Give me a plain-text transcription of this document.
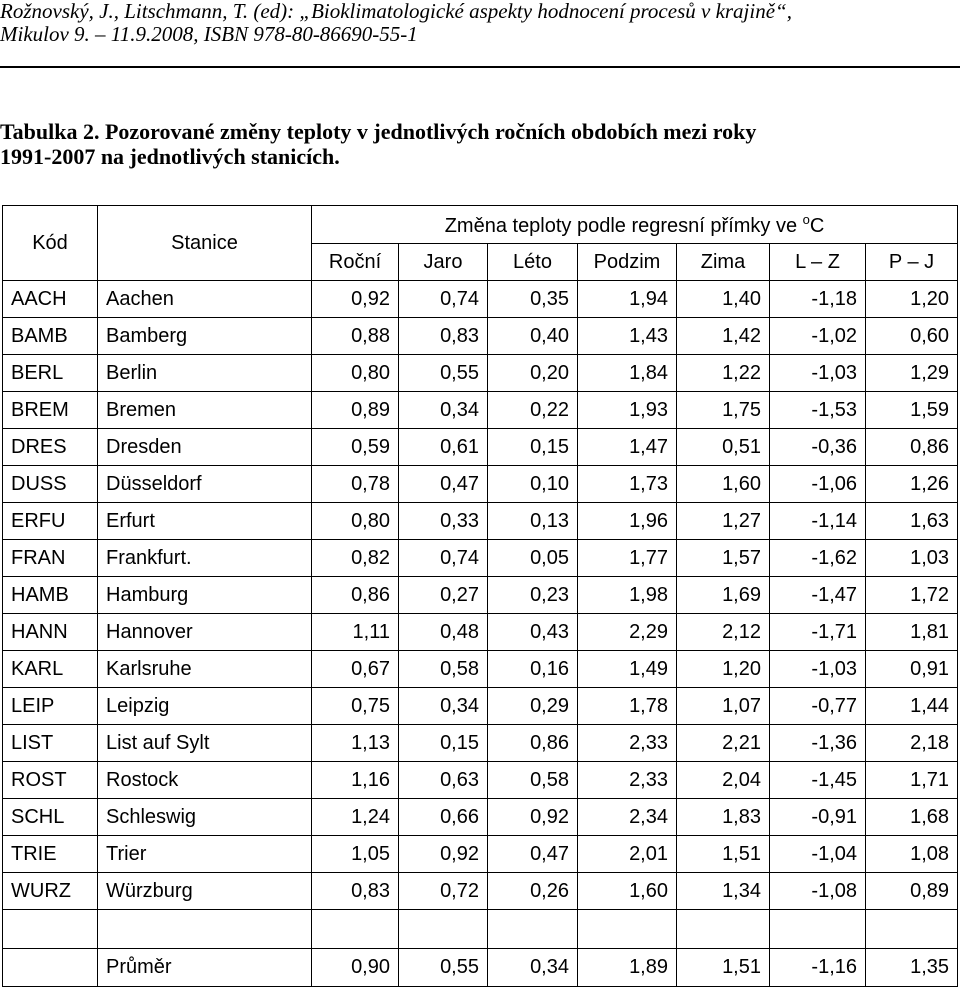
Rožnovský, J., Litschmann, T. (ed): „Bioklimatologické aspekty hodnocení procesů v krajině“,
Mikulov 9. – 11.9.2008, ISBN 978-80-86690-55-1
Tabulka 2. Pozorované změny teploty v jednotlivých ročních obdobích mezi roky
1991-2007 na jednotlivých stanicích.
Kód	Stanice	Změna teploty podle regresní přímky ve $^o$C						
		Roční	Jaro	Léto	Podzim	Zima	L – Z	P – J
AACH	Aachen	0,92	0,74	0,35	1,94	1,40	-1,18	1,20
BAMB	Bamberg	0,88	0,83	0,40	1,43	1,42	-1,02	0,60
BERL	Berlin	0,80	0,55	0,20	1,84	1,22	-1,03	1,29
BREM	Bremen	0,89	0,34	0,22	1,93	1,75	-1,53	1,59
DRES	Dresden	0,59	0,61	0,15	1,47	0,51	-0,36	0,86
DUSS	Düsseldorf	0,78	0,47	0,10	1,73	1,60	-1,06	1,26
ERFU	Erfurt	0,80	0,33	0,13	1,96	1,27	-1,14	1,63
FRAN	Frankfurt.	0,82	0,74	0,05	1,77	1,57	-1,62	1,03
HAMB	Hamburg	0,86	0,27	0,23	1,98	1,69	-1,47	1,72
HANN	Hannover	1,11	0,48	0,43	2,29	2,12	-1,71	1,81
KARL	Karlsruhe	0,67	0,58	0,16	1,49	1,20	-1,03	0,91
LEIP	Leipzig	0,75	0,34	0,29	1,78	1,07	-0,77	1,44
LIST	List auf Sylt	1,13	0,15	0,86	2,33	2,21	-1,36	2,18
ROST	Rostock	1,16	0,63	0,58	2,33	2,04	-1,45	1,71
SCHL	Schleswig	1,24	0,66	0,92	2,34	1,83	-0,91	1,68
TRIE	Trier	1,05	0,92	0,47	2,01	1,51	-1,04	1,08
WURZ	Würzburg	0,83	0,72	0,26	1,60	1,34	-1,08	0,89

	Průměr	0,90	0,55	0,34	1,89	1,51	-1,16	1,35
